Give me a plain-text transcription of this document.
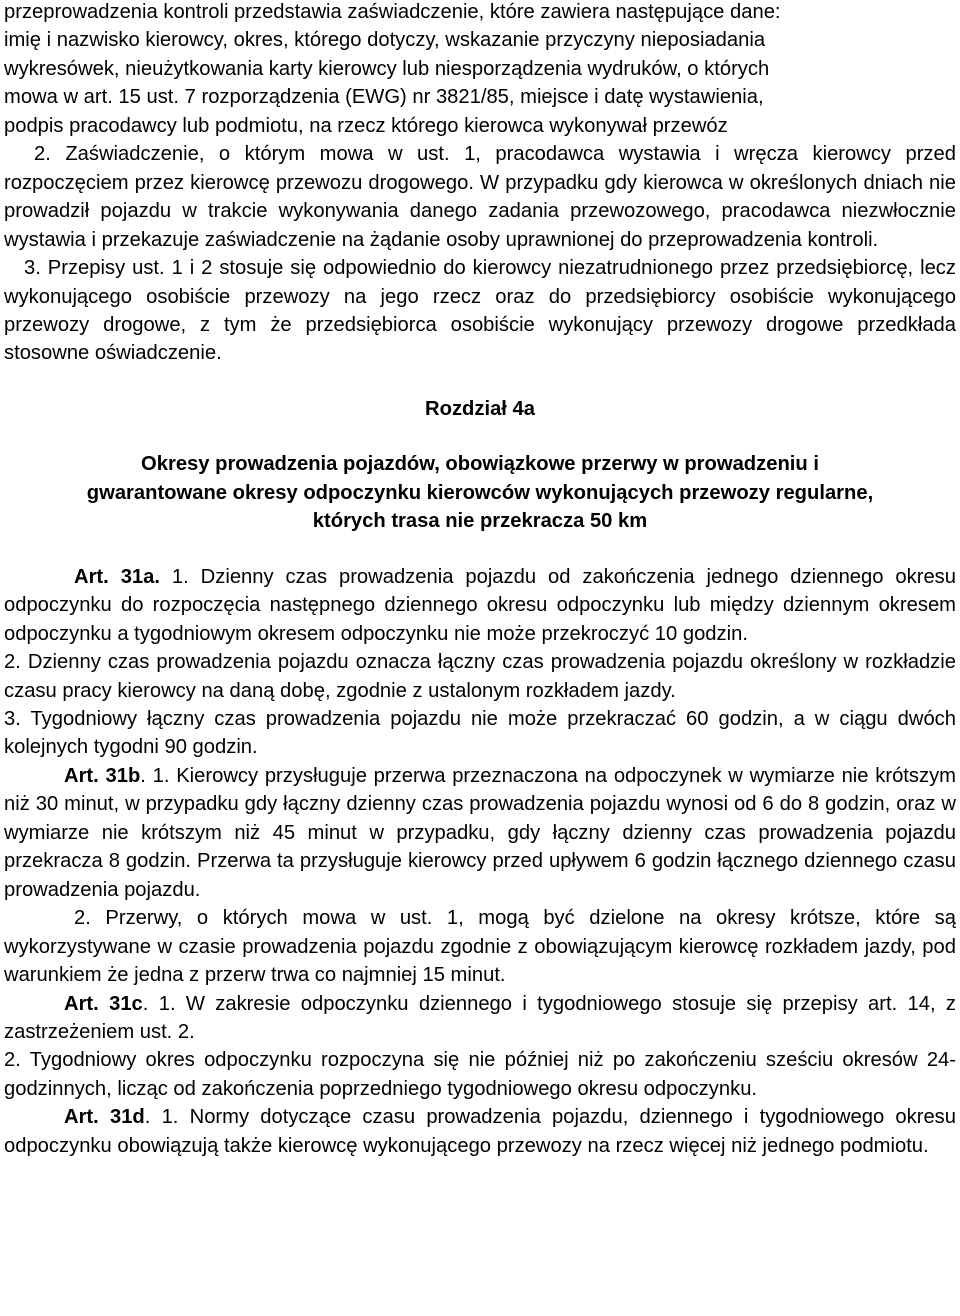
przeprowadzenia kontroli przedstawia zaświadczenie, które zawiera następujące dane:
imię i nazwisko kierowcy, okres, którego dotyczy, wskazanie przyczyny nieposiadania
wykresówek, nieużytkowania karty kierowcy lub niesporządzenia wydruków, o których
mowa w art. 15 ust. 7 rozporządzenia (EWG) nr 3821/85, miejsce i datę wystawienia,
podpis pracodawcy lub podmiotu, na rzecz którego kierowca wykonywał przewóz

2. Zaświadczenie, o którym mowa w ust. 1, pracodawca wystawia i wręcza kierowcy przed rozpoczęciem przez kierowcę przewozu drogowego. W przypadku gdy kierowca w określonych dniach nie prowadził pojazdu w trakcie wykonywania danego zadania przewozowego, pracodawca niezwłocznie wystawia i przekazuje zaświadczenie na żądanie osoby uprawnionej do przeprowadzenia kontroli.

3. Przepisy ust. 1 i 2 stosuje się odpowiednio do kierowcy niezatrudnionego przez przedsiębiorcę, lecz wykonującego osobiście przewozy na jego rzecz oraz do przedsiębiorcy osobiście wykonującego przewozy drogowe, z tym że przedsiębiorca osobiście wykonujący przewozy drogowe przedkłada stosowne oświadczenie.

Rozdział 4a

Okresy prowadzenia pojazdów, obowiązkowe przerwy w prowadzeniu i
gwarantowane okresy odpoczynku kierowców wykonujących przewozy regularne,
których trasa nie przekracza 50 km

Art. 31a. 1. Dzienny czas prowadzenia pojazdu od zakończenia jednego dziennego okresu odpoczynku do rozpoczęcia następnego dziennego okresu odpoczynku lub między dziennym okresem odpoczynku a tygodniowym okresem odpoczynku nie może przekroczyć 10 godzin.

2. Dzienny czas prowadzenia pojazdu oznacza łączny czas prowadzenia pojazdu określony w rozkładzie czasu pracy kierowcy na daną dobę, zgodnie z ustalonym rozkładem jazdy.

3. Tygodniowy łączny czas prowadzenia pojazdu nie może przekraczać 60 godzin, a w ciągu dwóch kolejnych tygodni 90 godzin.

Art. 31b. 1. Kierowcy przysługuje przerwa przeznaczona na odpoczynek w wymiarze nie krótszym niż 30 minut, w przypadku gdy łączny dzienny czas prowadzenia pojazdu wynosi od 6 do 8 godzin, oraz w wymiarze nie krótszym niż 45 minut w przypadku, gdy łączny dzienny czas prowadzenia pojazdu przekracza 8 godzin. Przerwa ta przysługuje kierowcy przed upływem 6 godzin łącznego dziennego czasu prowadzenia pojazdu.

2. Przerwy, o których mowa w ust. 1, mogą być dzielone na okresy krótsze, które są wykorzystywane w czasie prowadzenia pojazdu zgodnie z obowiązującym kierowcę rozkładem jazdy, pod warunkiem że jedna z przerw trwa co najmniej 15 minut.

Art. 31c. 1. W zakresie odpoczynku dziennego i tygodniowego stosuje się przepisy art. 14, z zastrzeżeniem ust. 2.

2. Tygodniowy okres odpoczynku rozpoczyna się nie później niż po zakończeniu sześciu okresów 24-godzinnych, licząc od zakończenia poprzedniego tygodniowego okresu odpoczynku.

Art. 31d. 1. Normy dotyczące czasu prowadzenia pojazdu, dziennego i tygodniowego okresu odpoczynku obowiązują także kierowcę wykonującego przewozy na rzecz więcej niż jednego podmiotu.
